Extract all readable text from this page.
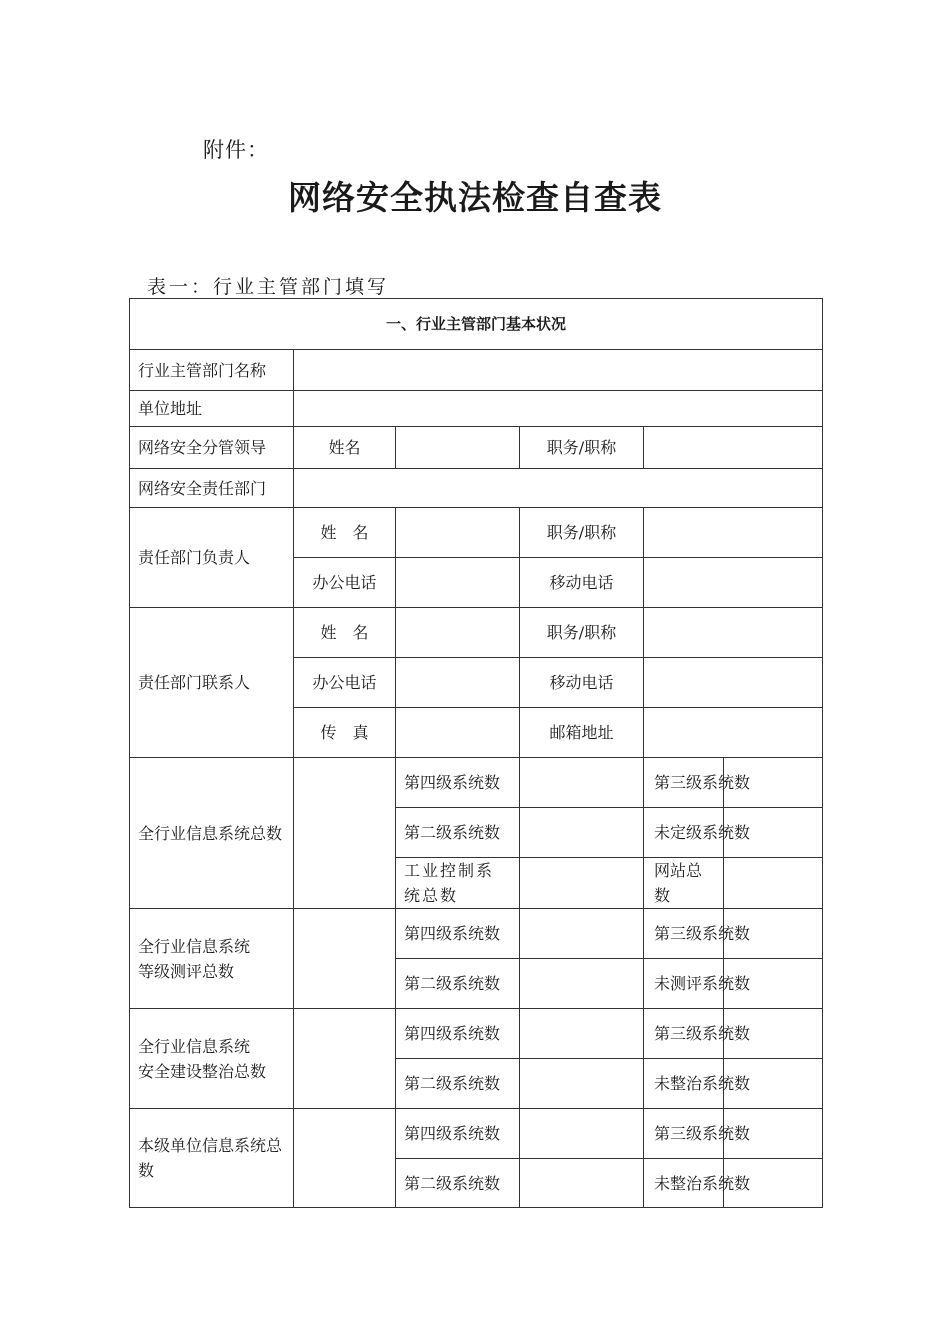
附件：
网络安全执法检查自查表
表一：行业主管部门填写
一、行业主管部门基本状况					
行业主管部门名称					
单位地址					
网络安全分管领导	姓名		职务/职称		
网络安全责任部门					
责任部门负责人	姓　名		职务/职称		
	办公电话		移动电话		
责任部门联系人	姓　名		职务/职称		
	办公电话		移动电话		
	传　真		邮箱地址		
全行业信息系统总数		第四级系统数		第三级系统数	
		第二级系统数		未定级系统数	
		工业控制系统总数		网站总数	

全行业信息系统
等级测评总数		第四级系统数		第三级系统数	
		第二级系统数		未测评系统数	

全行业信息系统
安全建设整治总数		第四级系统数		第三级系统数	
		第二级系统数		未整治系统数	
本级单位信息系统总数		第四级系统数		第三级系统数	
		第二级系统数		未整治系统数	
